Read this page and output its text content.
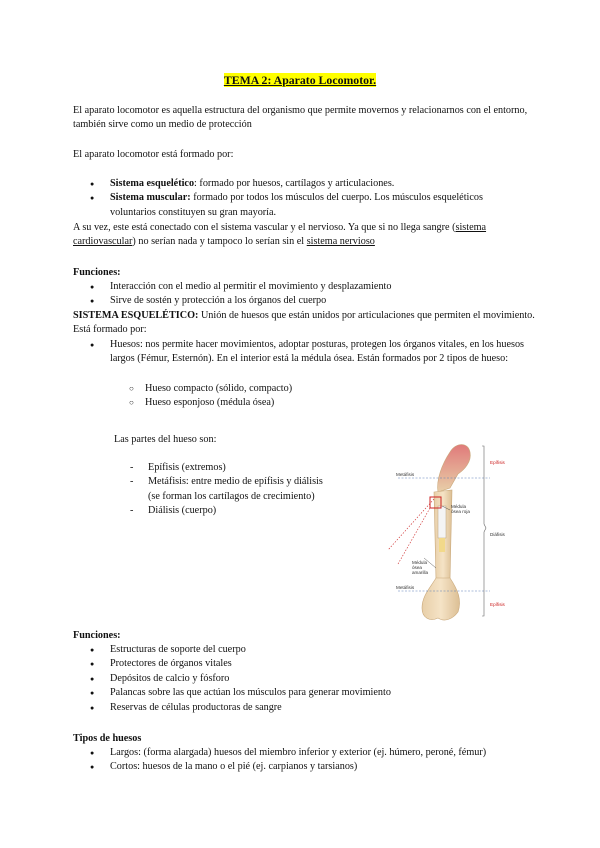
TEMA 2: Aparato Locomotor.

El aparato locomotor es aquella estructura del organismo que permite movernos y relacionarnos con el entorno, también sirve como un medio de protección

El aparato locomotor está formado por:

● Sistema esquelético: formado por huesos, cartílagos y articulaciones.
● Sistema muscular: formado por todos los músculos del cuerpo. Los músculos esqueléticos voluntarios constituyen su gran mayoría.

A su vez, este está conectado con el sistema vascular y el nervioso. Ya que si no llega sangre (sistema cardiovascular) no serían nada y tampoco lo serían sin el sistema nervioso

Funciones:

● Interacción con el medio al permitir el movimiento y desplazamiento
● Sirve de sostén y protección a los órganos del cuerpo

SISTEMA ESQUELÉTICO: Unión de huesos que están unidos por articulaciones que permiten el movimiento. Está formado por:

● Huesos: nos permite hacer movimientos, adoptar posturas, protegen los órganos vitales, en los huesos largos (Fémur, Esternón). En el interior está la médula ósea. Están formados por 2 tipos de hueso:
○ Hueso compacto (sólido, compacto)
○ Hueso esponjoso (médula ósea)

Las partes del hueso son:

- Epífisis (extremos)
- Metáfisis: entre medio de epífisis y diálisis (se forman los cartílagos de crecimiento)
- Diálisis (cuerpo)
Metáfisis
Médula ósea roja
Médula ósea amarilla
Metáfisis
Epífisis
Diáfisis
Epífisis

Funciones:

● Estructuras de soporte del cuerpo
● Protectores de órganos vitales
● Depósitos de calcio y fósforo
● Palancas sobre las que actúan los músculos para generar movimiento
● Reservas de células productoras de sangre

Tipos de huesos

● Largos: (forma alargada) huesos del miembro inferior y exterior (ej. húmero, peroné, fémur)
● Cortos: huesos de la mano o el pié (ej. carpianos y tarsianos)
